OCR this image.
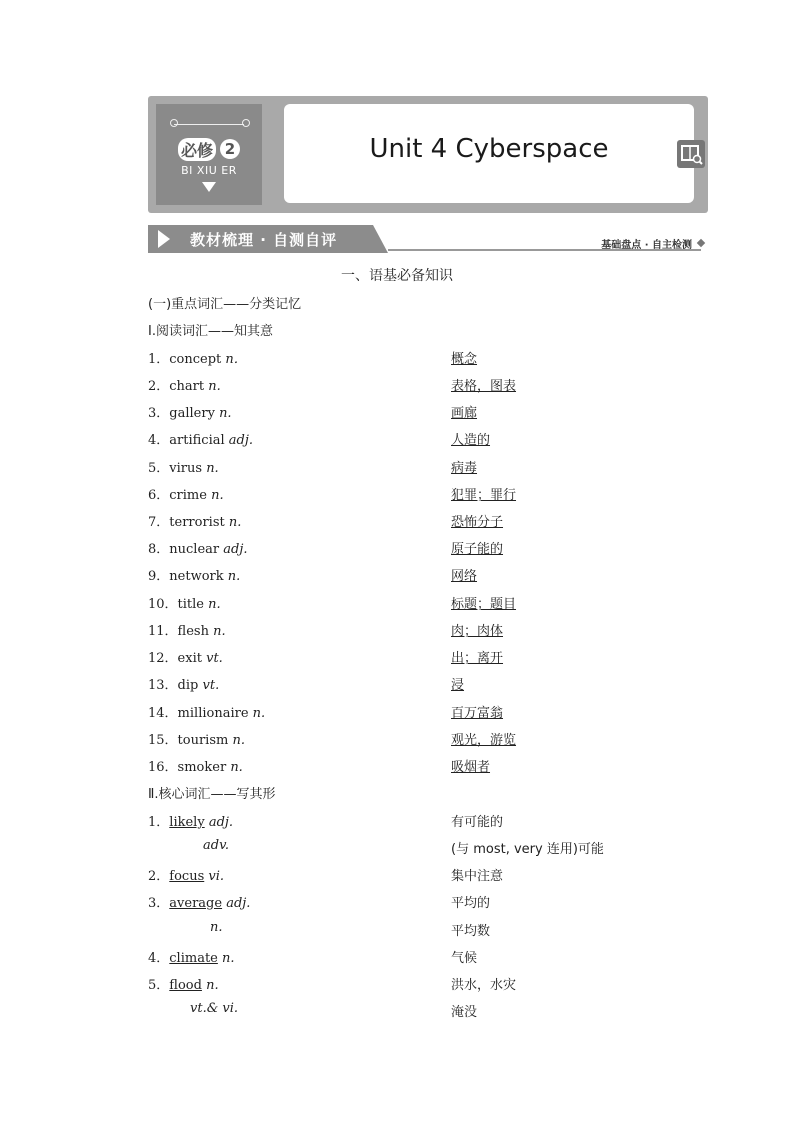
必修 2
BI XIU ER
Unit 4 Cyberspace
教材梳理 · 自测自评	基础盘点 · 自主检测
一、语基必备知识
(一)重点词汇——分类记忆
Ⅰ.阅读词汇——知其意
1．concept n．	概念
2．chart n.	表格，图表
3．gallery n.	画廊
4．artificial adj.	人造的
5．virus n.	病毒
6．crime n.	犯罪；罪行
7．terrorist n.	恐怖分子
8．nuclear adj.	原子能的
9．network n.	网络
10．title n.	标题；题目
11．flesh n.	肉；肉体
12．exit vt.	出；离开
13．dip vt.	浸
14．millionaire n.	百万富翁
15．tourism n.	观光，游览
16．smoker n.	吸烟者
Ⅱ.核心词汇——写其形
1．likely adj.	有可能的
adv.	(与 most, very 连用)可能
2．focus vi.	集中注意
3．average adj.	平均的
n.	平均数
4．climate n.	气候
5．flood n.	洪水，水灾
vt.& vi.	淹没
